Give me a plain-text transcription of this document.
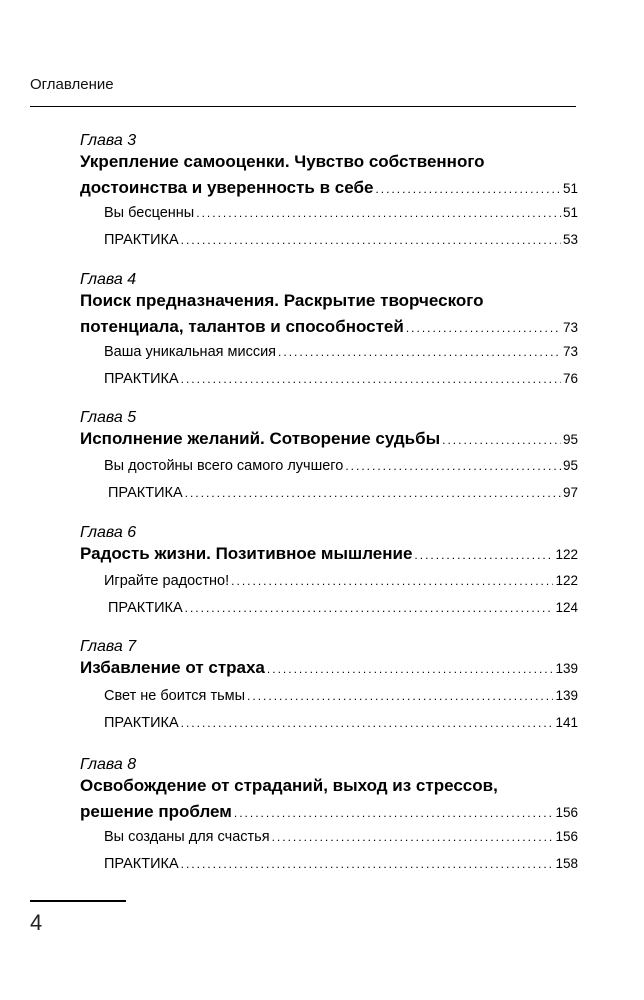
Оглавление
Глава 3
Укрепление самооценки. Чувство собственного
достоинства и уверенность в себе .....	51
Вы бесценны .....	51
ПРАКТИКА .....	53
Глава 4
Поиск предназначения. Раскрытие творческого
потенциала, талантов и способностей .....	73
Ваша уникальная миссия .....	73
ПРАКТИКА .....	76
Глава 5
Исполнение желаний. Сотворение судьбы .....	95
Вы достойны всего самого лучшего .....	95
ПРАКТИКА .....	97
Глава 6
Радость жизни. Позитивное мышление .....	122
Играйте радостно! .....	122
ПРАКТИКА .....	124
Глава 7
Избавление от страха .....	139
Свет не боится тьмы .....	139
ПРАКТИКА .....	141
Глава 8
Освобождение от страданий, выход из стрессов,
решение проблем .....	156
Вы созданы для счастья .....	156
ПРАКТИКА .....	158
4
